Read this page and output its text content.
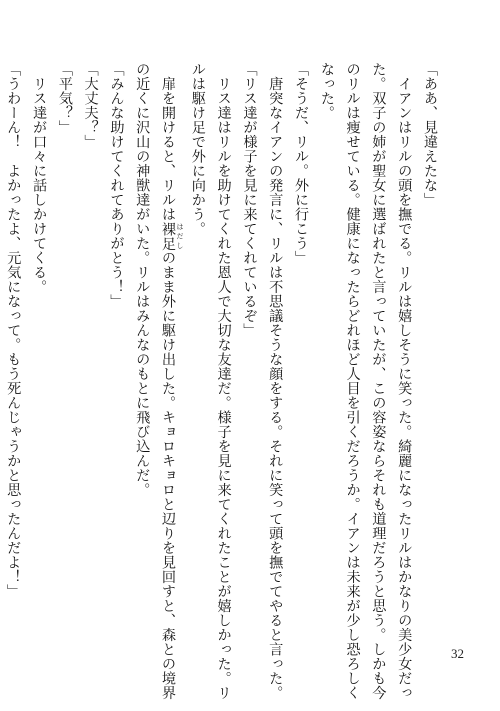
「ああ、見違えたな」
　イアンはリルの頭を撫でる。リルは嬉しそうに笑った。綺麗になったリルはかなりの美少女だっ
た。双子の姉が聖女に選ばれたと言っていたが、この容姿ならそれも道理だろうと思う。しかも今
のリルは痩せている。健康になったらどれほど人目を引くだろうか。イアンは未来が少し恐ろしく
なった。
「そうだ、リル。外に行こう」
　唐突なイアンの発言に、リルは不思議そうな顔をする。それに笑って頭を撫でてやると言った。
「リス達が様子を見に来てくれているぞ」
　リス達はリルを助けてくれた恩人で大切な友達だ。様子を見に来てくれたことが嬉しかった。リ
ルは駆け足で外に向かう。
　扉を開けると、リルは裸足 はだしのまま外に駆け出した。キョロキョロと辺りを見回すと、森との境界
の近くに沢山の神獣達がいた。リルはみんなのもとに飛び込んだ。
「みんな助けてくれてありがとう！」
「大丈夫？」
「平気？」
　リス達が口々に話しかけてくる。
「うわーん！　よかったよ、元気になって。もう死んじゃうかと思ったんだよ！」
32
